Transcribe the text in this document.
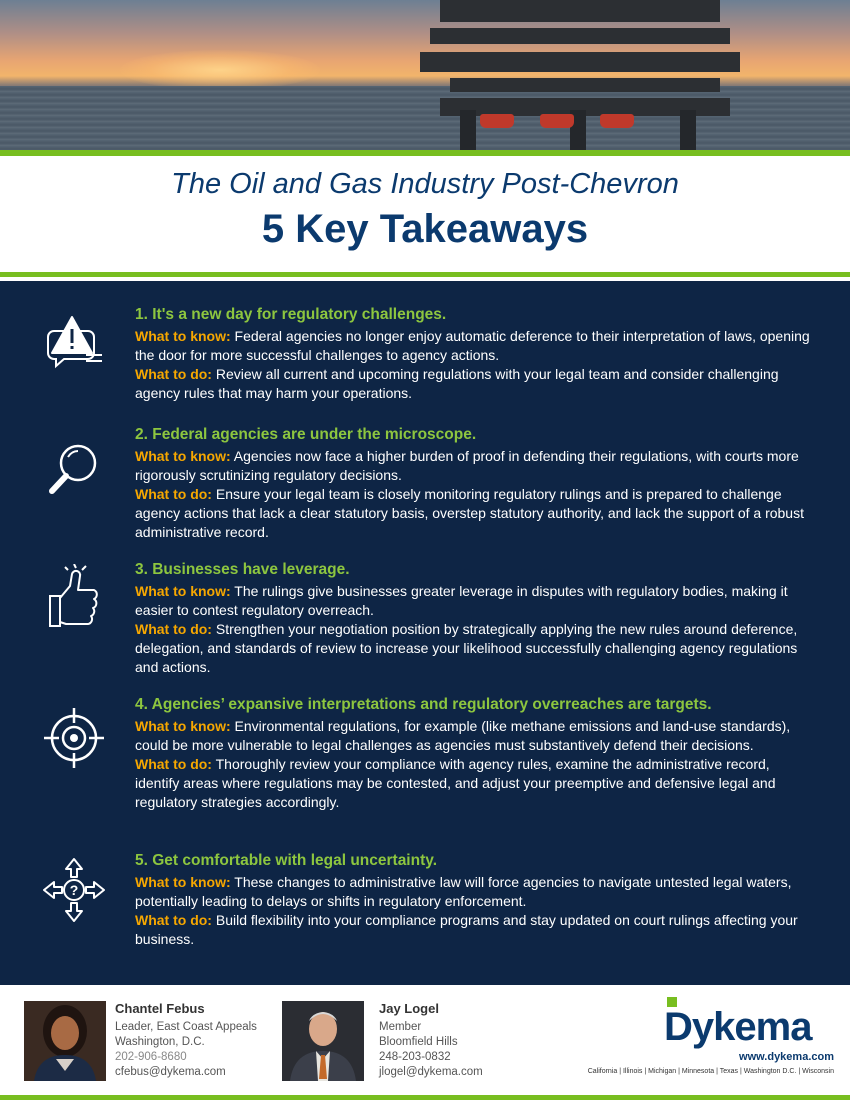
The Oil and Gas Industry Post-Chevron
5 Key Takeaways
1. It's a new day for regulatory challenges.
What to know: Federal agencies no longer enjoy automatic deference to their interpretation of laws, opening the door for more successful challenges to agency actions.
What to do: Review all current and upcoming regulations with your legal team and consider challenging agency rules that may harm your operations.
2. Federal agencies are under the microscope.
What to know: Agencies now face a higher burden of proof in defending their regulations, with courts more rigorously scrutinizing regulatory decisions.
What to do: Ensure your legal team is closely monitoring regulatory rulings and is prepared to challenge agency actions that lack a clear statutory basis, overstep statutory authority, and lack the support of a robust administrative record.
3. Businesses have leverage.
What to know: The rulings give businesses greater leverage in disputes with regulatory bodies, making it easier to contest regulatory overreach.
What to do: Strengthen your negotiation position by strategically applying the new rules around deference, delegation, and standards of review to increase your likelihood successfully challenging agency regulations and actions.
4. Agencies’ expansive interpretations and regulatory overreaches are targets.
What to know: Environmental regulations, for example (like methane emissions and land-use standards), could be more vulnerable to legal challenges as agencies must substantively defend their decisions.
What to do: Thoroughly review your compliance with agency rules, examine the administrative record, identify areas where regulations may be contested, and adjust your preemptive and defensive legal and regulatory strategies accordingly.
?
5. Get comfortable with legal uncertainty.
What to know: These changes to administrative law will force agencies to navigate untested legal waters, potentially leading to delays or shifts in regulatory enforcement.
What to do: Build flexibility into your compliance programs and stay updated on court rulings affecting your business.
Chantel Febus
Leader, East Coast Appeals
Washington, D.C.
202-906-8680
cfebus@dykema.com
Jay Logel
Member
Bloomfield Hills
248-203-0832
jlogel@dykema.com
Dykema
www.dykema.com
California | Illinois | Michigan | Minnesota | Texas | Washington D.C. | Wisconsin
